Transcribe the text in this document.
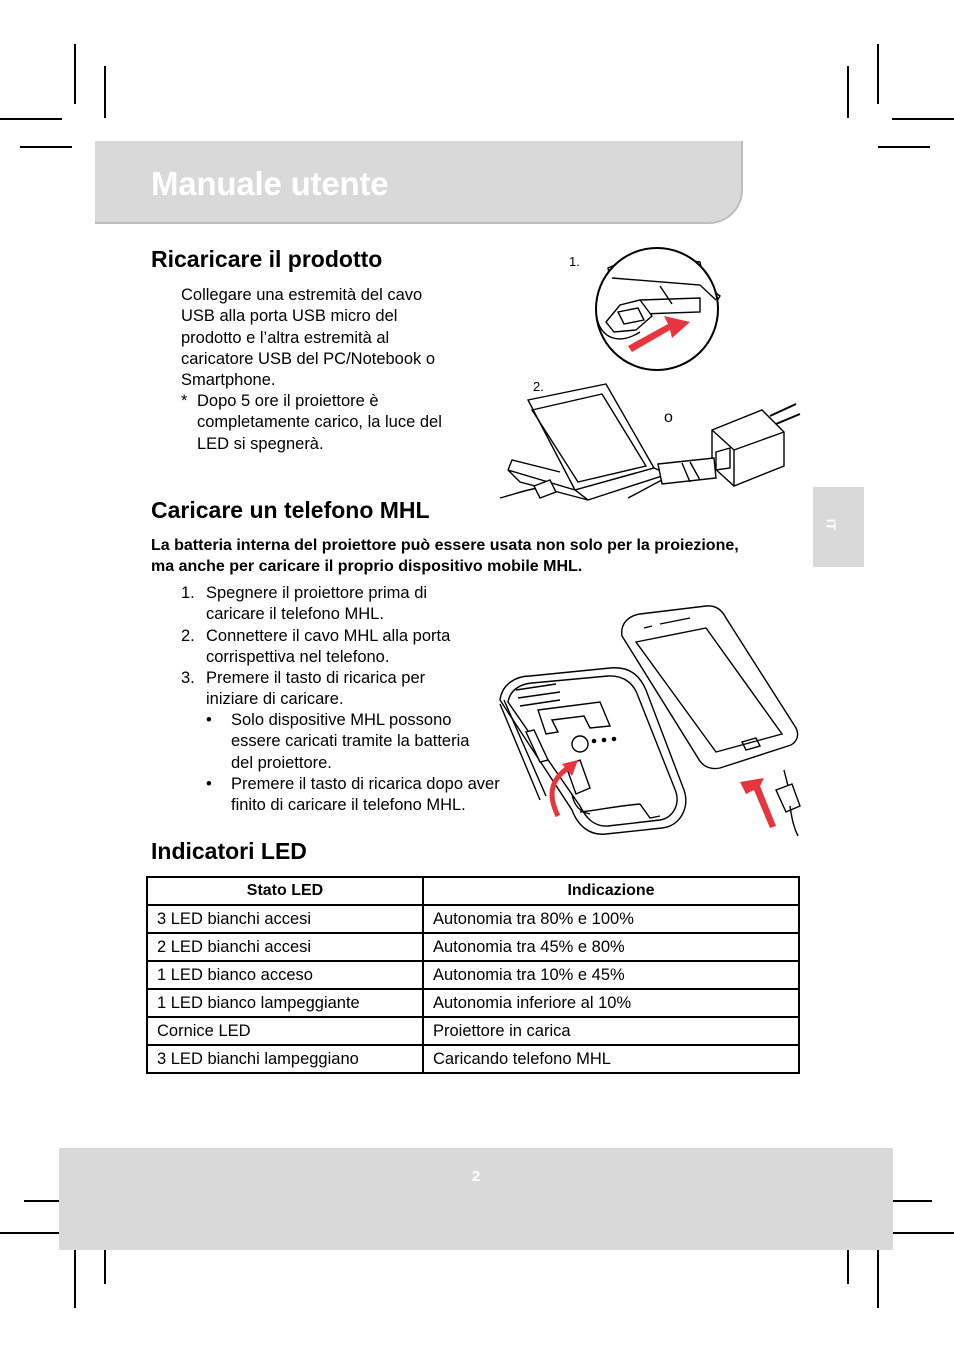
Manuale utente
IT
Ricaricare il prodotto
Collegare una estremità del cavo
USB alla porta USB micro del
prodotto e l’altra estremità al
caricatore USB del PC/Notebook o
Smartphone.
* Dopo 5 ore il proiettore è
completamente carico, la luce del
LED si spegnerà.
1.
2.
o
Caricare un telefono MHL
La batteria interna del proiettore può essere usata non solo per la proiezione,
ma anche per caricare il proprio dispositivo mobile MHL.
1. Spegnere il proiettore prima di
caricare il telefono MHL.
2. Connettere il cavo MHL alla porta
corrispettiva nel telefono.
3. Premere il tasto di ricarica per
iniziare di caricare.
• Solo dispositive MHL possono
essere caricati tramite la batteria
del proiettore.
• Premere il tasto di ricarica dopo aver
finito di caricare il telefono MHL.
Indicatori LED
Stato LED	Indicazione
3 LED bianchi accesi	Autonomia tra 80% e 100%
2 LED bianchi accesi	Autonomia tra 45% e 80%
1 LED bianco acceso	Autonomia tra 10% e 45%
1 LED bianco lampeggiante	Autonomia inferiore al 10%
Cornice LED	Proiettore in carica
3 LED bianchi lampeggiano	Caricando telefono MHL
2
